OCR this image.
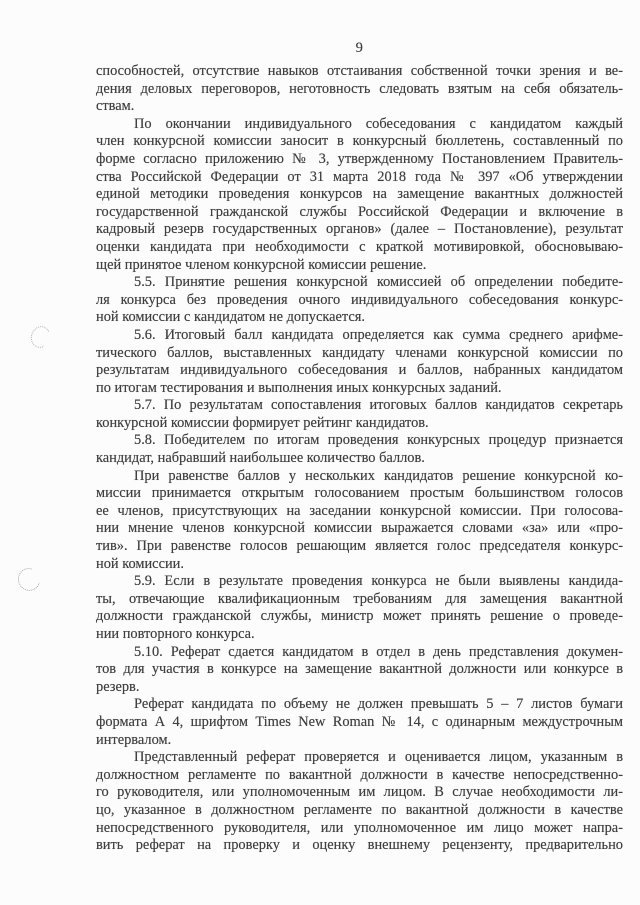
9
способностей, отсутствие навыков отстаивания собственной точки зрения и ве-
дения деловых переговоров, неготовность следовать взятым на себя обязатель-
ствам.
По окончании индивидуального собеседования с кандидатом каждый
член конкурсной комиссии заносит в конкурсный бюллетень, составленный по
форме согласно приложению № 3, утвержденному Постановлением Правитель-
ства Российской Федерации от 31 марта 2018 года № 397 «Об утверждении
единой методики проведения конкурсов на замещение вакантных должностей
государственной гражданской службы Российской Федерации и включение в
кадровый резерв государственных органов» (далее – Постановление), результат
оценки кандидата при необходимости с краткой мотивировкой, обосновываю-
щей принятое членом конкурсной комиссии решение.
5.5. Принятие решения конкурсной комиссией об определении победите-
ля конкурса без проведения очного индивидуального собеседования конкурс-
ной комиссии с кандидатом не допускается.
5.6. Итоговый балл кандидата определяется как сумма среднего арифме-
тического баллов, выставленных кандидату членами конкурсной комиссии по
результатам индивидуального собеседования и баллов, набранных кандидатом
по итогам тестирования и выполнения иных конкурсных заданий.
5.7. По результатам сопоставления итоговых баллов кандидатов секретарь
конкурсной комиссии формирует рейтинг кандидатов.
5.8. Победителем по итогам проведения конкурсных процедур признается
кандидат, набравший наибольшее количество баллов.
При равенстве баллов у нескольких кандидатов решение конкурсной ко-
миссии принимается открытым голосованием простым большинством голосов
ее членов, присутствующих на заседании конкурсной комиссии. При голосова-
нии мнение членов конкурсной комиссии выражается словами «за» или «про-
тив». При равенстве голосов решающим является голос председателя конкурс-
ной комиссии.
5.9. Если в результате проведения конкурса не были выявлены кандида-
ты, отвечающие квалификационным требованиям для замещения вакантной
должности гражданской службы, министр может принять решение о проведе-
нии повторного конкурса.
5.10. Реферат сдается кандидатом в отдел в день представления докумен-
тов для участия в конкурсе на замещение вакантной должности или конкурсе в
резерв.
Реферат кандидата по объему не должен превышать 5 – 7 листов бумаги
формата А 4, шрифтом Times New Roman № 14, с одинарным междустрочным
интервалом.
Представленный реферат проверяется и оценивается лицом, указанным в
должностном регламенте по вакантной должности в качестве непосредственно-
го руководителя, или уполномоченным им лицом. В случае необходимости ли-
цо, указанное в должностном регламенте по вакантной должности в качестве
непосредственного руководителя, или уполномоченное им лицо может напра-
вить реферат на проверку и оценку внешнему рецензенту, предварительно
